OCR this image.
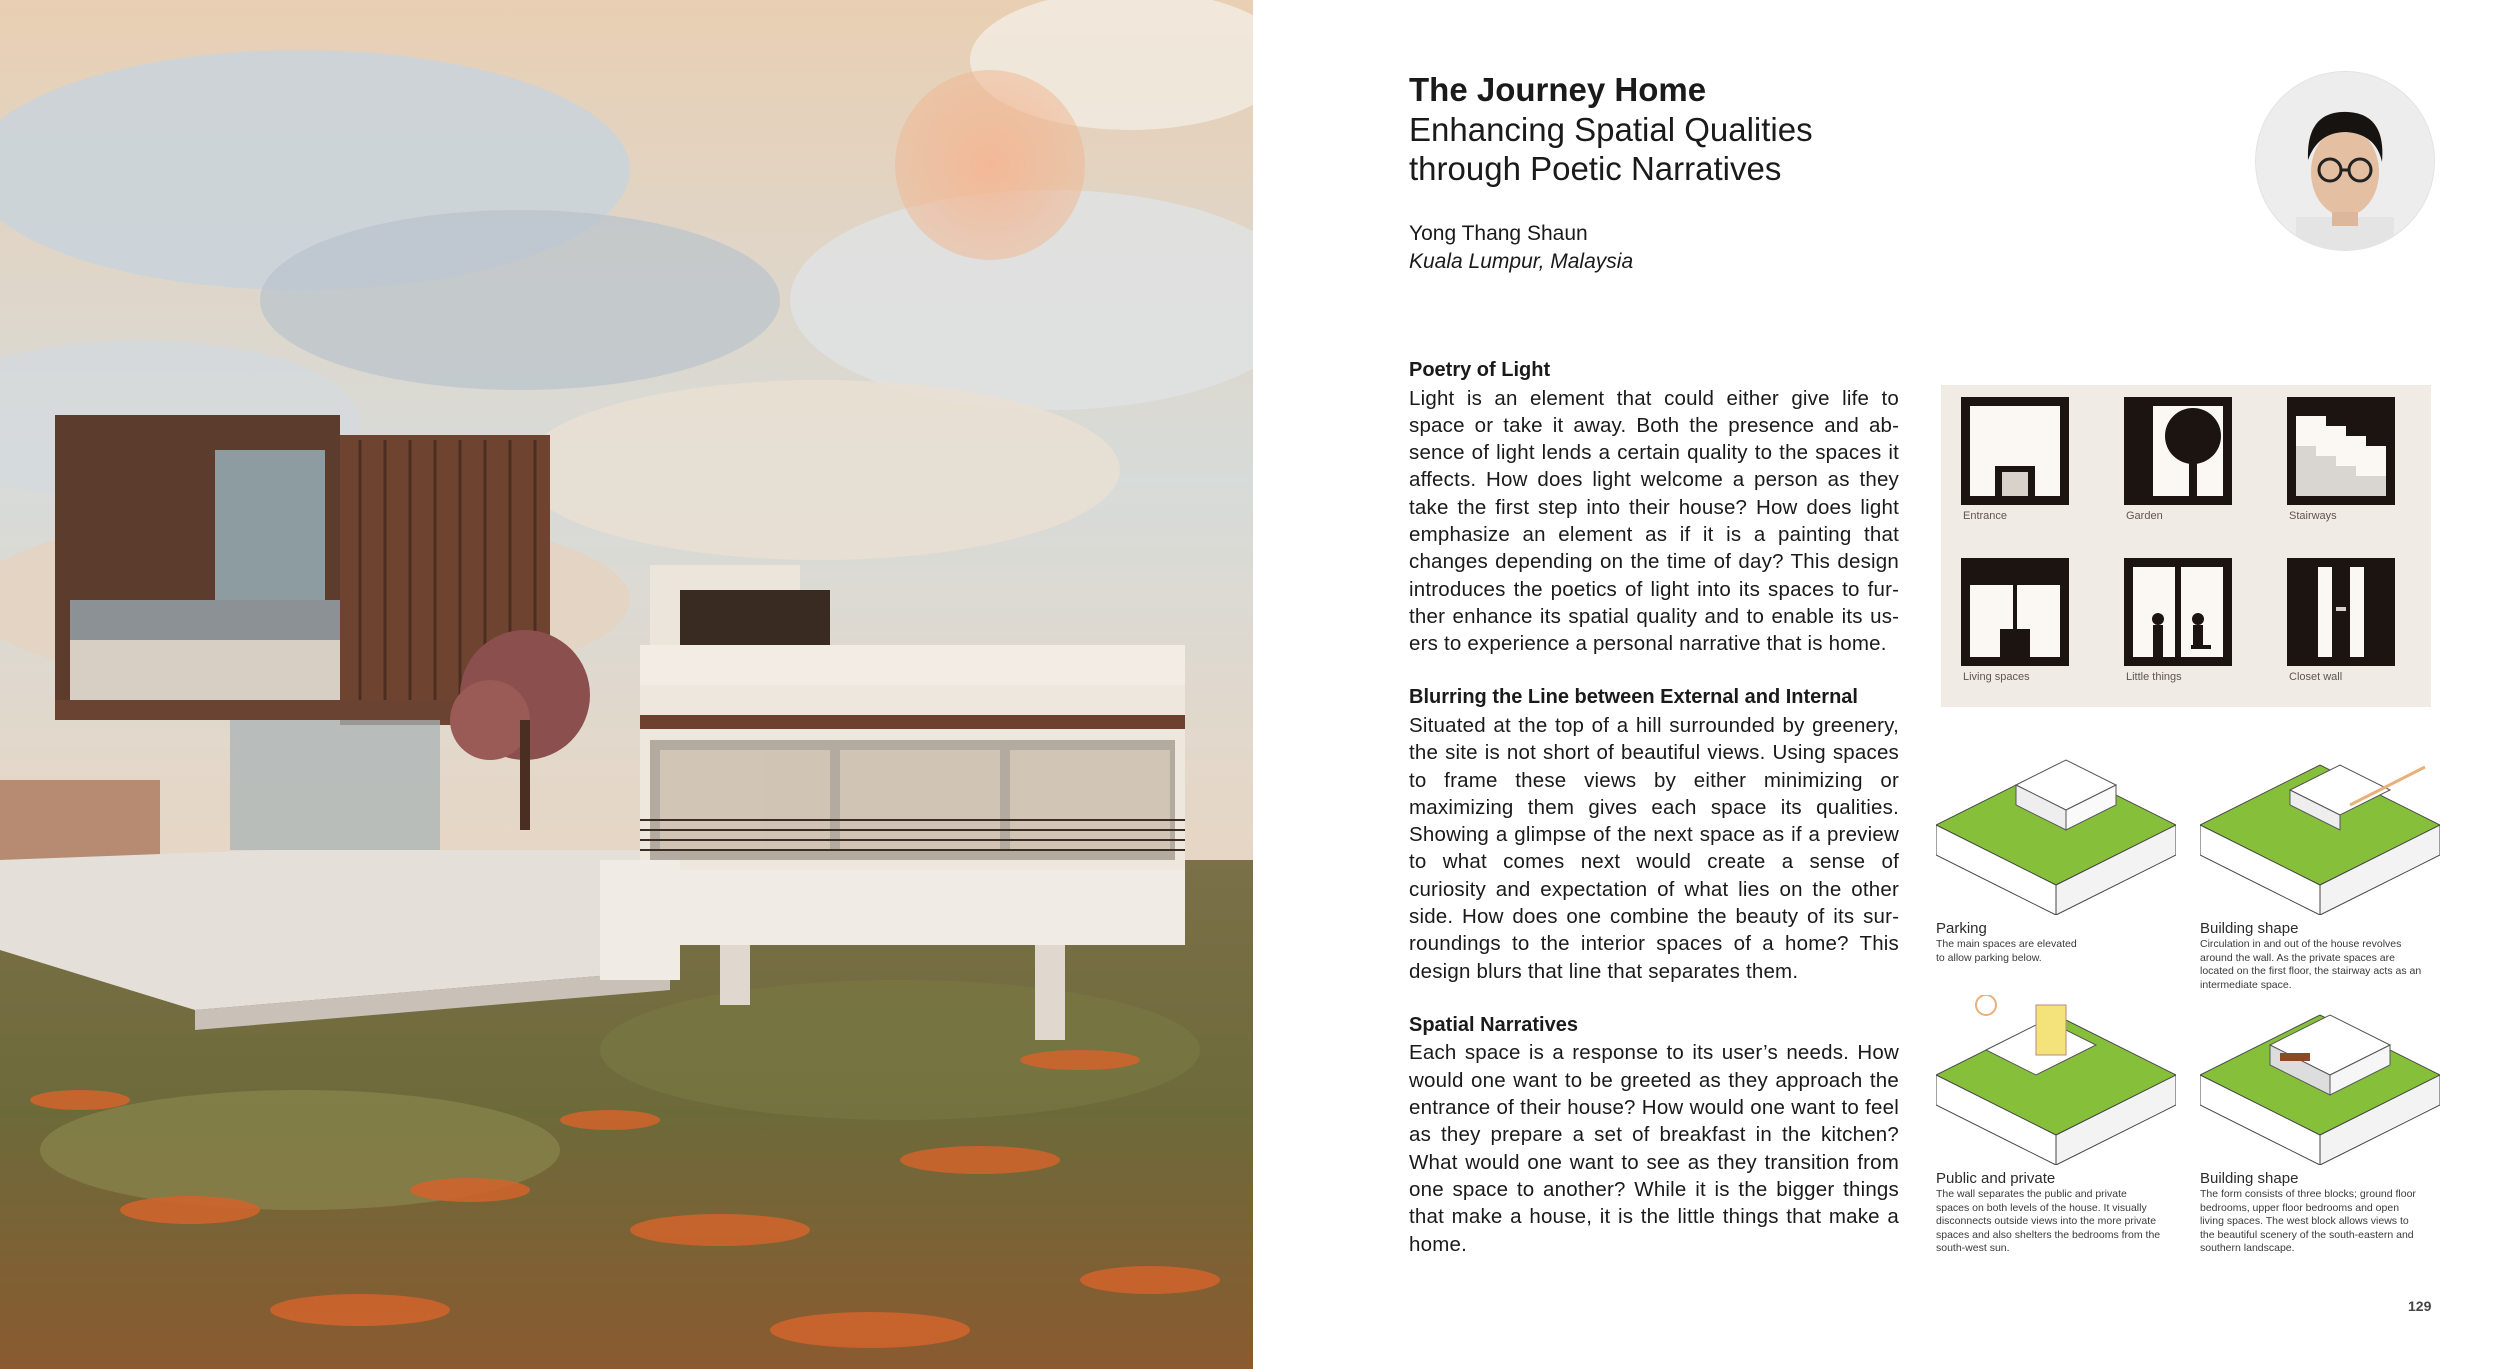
The Journey Home
Enhancing Spatial Qualities
through Poetic Narratives
Yong Thang Shaun
Kuala Lumpur, Malaysia
Poetry of Light

Light is an element that could either give life to space or take it away. Both the presence and absence of light lends a certain quality to the spaces it affects. How does light welcome a person as they take the first step into their house? How does light emphasize an element as if it is a painting that changes depending on the time of day? This design introduces the poetics of light into its spaces to further enhance its spatial quality and to enable its users to experience a personal narrative that is home.

Blurring the Line between External and Internal

Situated at the top of a hill surrounded by greenery, the site is not short of beautiful views. Using spaces to frame these views by either minimizing or maximizing them gives each space its qualities. Showing a glimpse of the next space as if a preview to what comes next would create a sense of curiosity and expectation of what lies on the other side. How does one combine the beauty of its surroundings to the interior spaces of a home? This design blurs that line that separates them.

Spatial Narratives

Each space is a response to its user’s needs. How would one want to be greeted as they approach the entrance of their house? How would one want to feel as they prepare a set of breakfast in the kitchen? What would one want to see as they transition from one space to another? While it is the bigger things that make a house, it is the little things that make a home.

Entrance	Garden	Stairways
Living spaces	Little things	Closet wall
Parking
The main spaces are elevated to allow parking below.
Building shape
Circulation in and out of the house revolves around the wall. As the private spaces are located on the first floor, the stairway acts as an intermediate space.
Public and private
The wall separates the public and private spaces on both levels of the house. It visually disconnects outside views into the more private spaces and also shelters the bedrooms from the south-west sun.
Building shape
The form consists of three blocks; ground floor bedrooms, upper floor bedrooms and open living spaces. The west block allows views to the beautiful scenery of the south-eastern and southern landscape.
129
